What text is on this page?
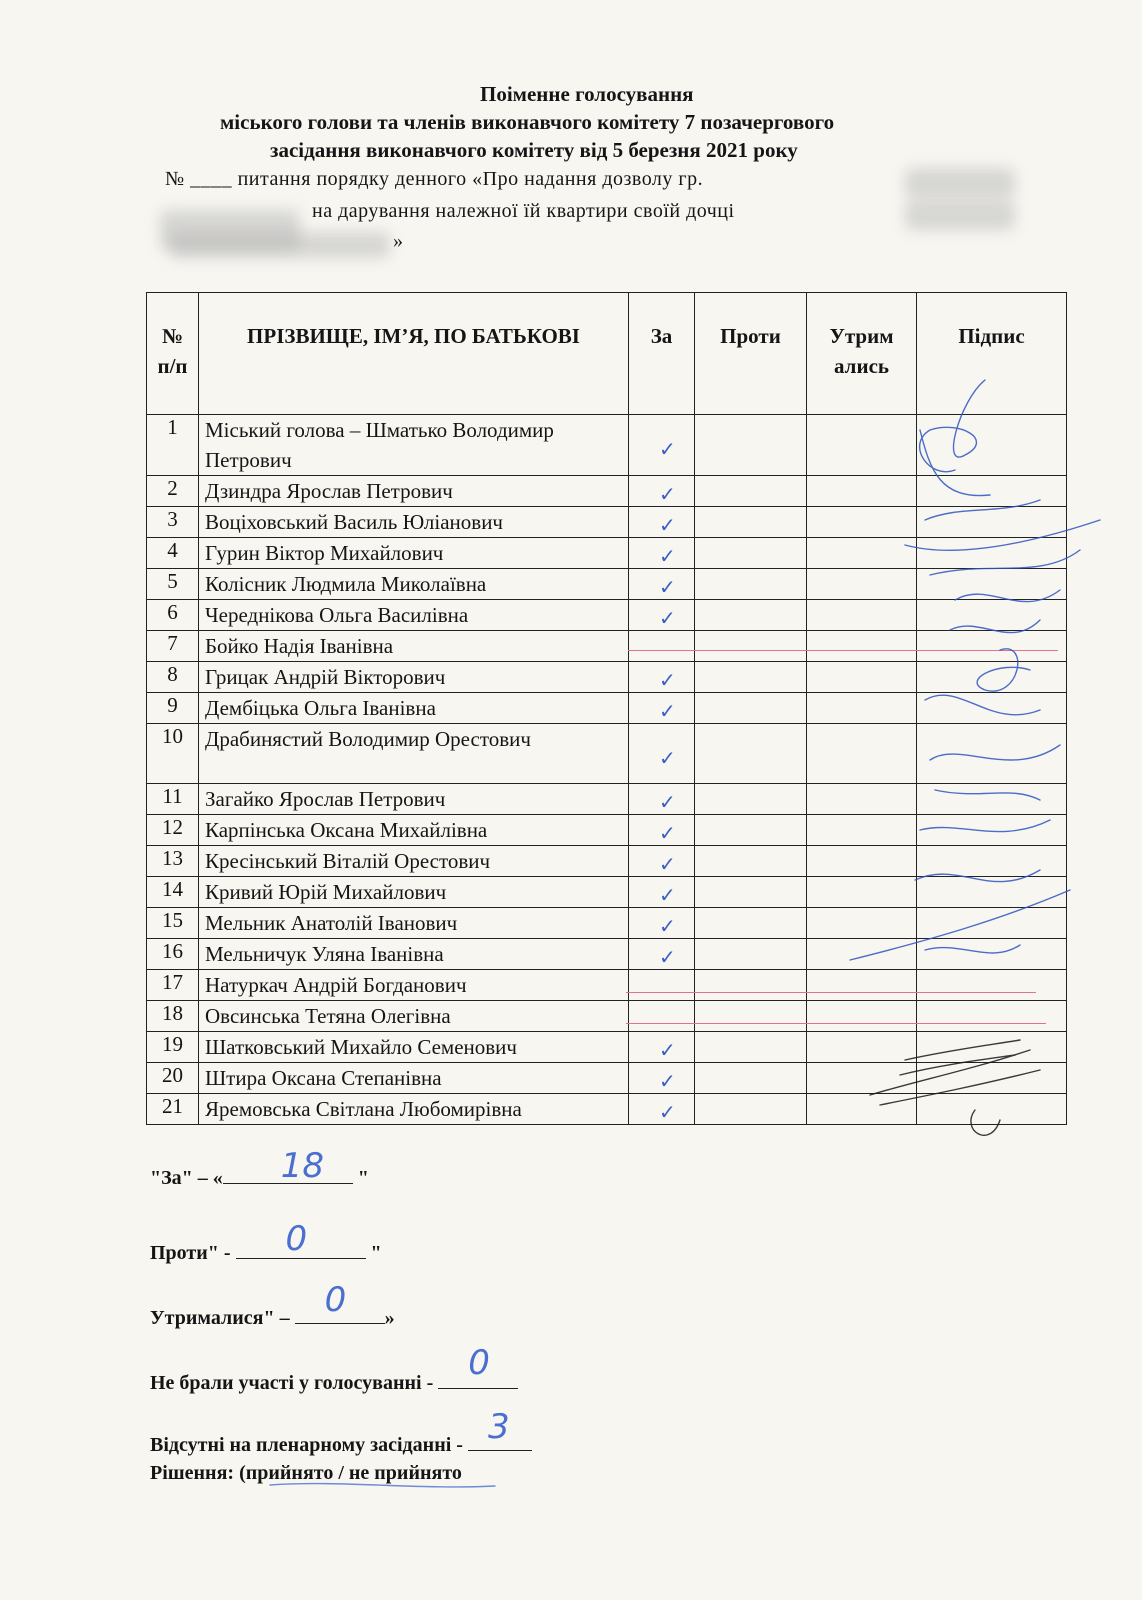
Поіменне голосування
міського голови та членів виконавчого комітету 7 позачергового
засідання виконавчого комітету від 5 березня 2021 року
№ ____ питання порядку денного «Про надання дозволу гр.
на дарування належної їй квартири своїй дочці
»
№ п/п	ПРІЗВИЩЕ, ІМ’Я, ПО БАТЬКОВІ	За	Проти	Утрим ались	Підпис
1	Міський голова – Шматько Володимир Петрович	✓			

2	Дзиндра Ярослав Петрович	✓			

3	Воціховський Василь Юліанович	✓			

4	Гурин Віктор Михайлович	✓			

5	Колісник Людмила Миколаївна	✓			

6	Череднікова Ольга Василівна	✓			

7	Бойко Надія Іванівна				
8	Грицак Андрій Вікторович	✓			

9	Дембіцька Ольга Іванівна	✓			

10	Драбинястий Володимир Орестович	✓			

11	Загайко Ярослав Петрович	✓			

12	Карпінська Оксана Михайлівна	✓			

13	Кресінський Віталій Орестович	✓			

14	Кривий Юрій Михайлович	✓			

15	Мельник Анатолій Іванович	✓			

16	Мельничук Уляна Іванівна	✓			

17	Натуркач Андрій Богданович				
18	Овсинська Тетяна Олегівна				
19	Шатковський Михайло Семенович	✓			

20	Штира Оксана Степанівна	✓			

21	Яремовська Світлана Любомирівна	✓			

"За" – « 18 "
Проти" - 0	"
Утрималися" – 0 »
Не брали участі у голосуванні - 0
Відсутні на пленарному засіданні - 3
Рішення: (прийнято / не прийнято
